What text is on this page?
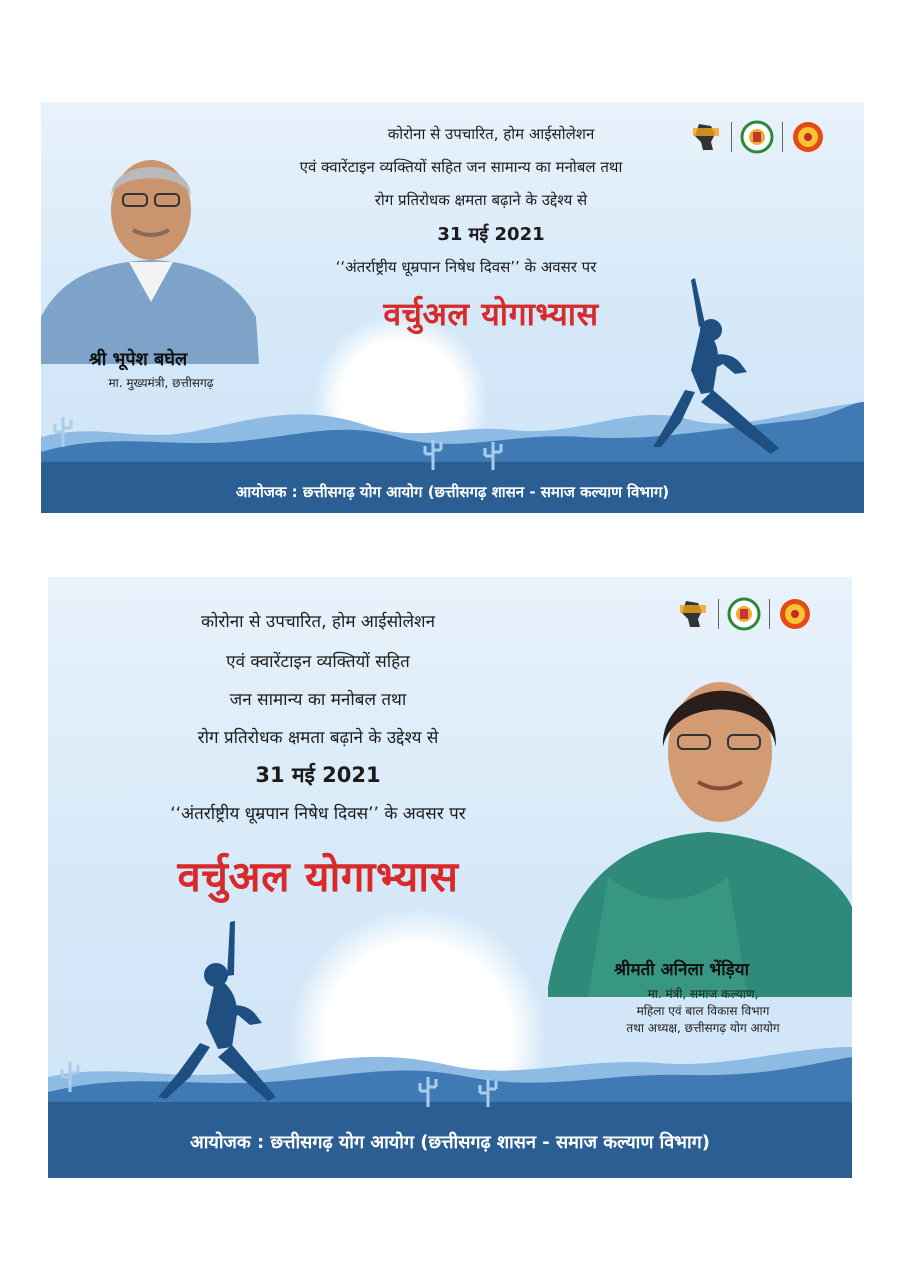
कोरोना से उपचारित, होम आईसोलेशन
एवं क्वारेंटाइन व्यक्तियों सहित जन सामान्य का मनोबल तथा
रोग प्रतिरोधक क्षमता बढ़ाने के उद्देश्य से
31 मई 2021
‘‘अंतर्राष्ट्रीय धूम्रपान निषेध दिवस’’ के अवसर पर
वर्चुअल योगाभ्यास
श्री भूपेश बघेल
मा. मुख्यमंत्री, छत्तीसगढ़
आयोजक : छत्तीसगढ़ योग आयोग (छत्तीसगढ़ शासन - समाज कल्याण विभाग)
कोरोना से उपचारित, होम आईसोलेशन
एवं क्वारेंटाइन व्यक्तियों सहित
जन सामान्य का मनोबल तथा
रोग प्रतिरोधक क्षमता बढ़ाने के उद्देश्य से
31 मई 2021
‘‘अंतर्राष्ट्रीय धूम्रपान निषेध दिवस’’ के अवसर पर
वर्चुअल योगाभ्यास
श्रीमती अनिला भेंड़िया
मा. मंत्री, समाज कल्याण,
महिला एवं बाल विकास विभाग
तथा अध्यक्ष, छत्तीसगढ़ योग आयोग
आयोजक : छत्तीसगढ़ योग आयोग (छत्तीसगढ़ शासन - समाज कल्याण विभाग)
